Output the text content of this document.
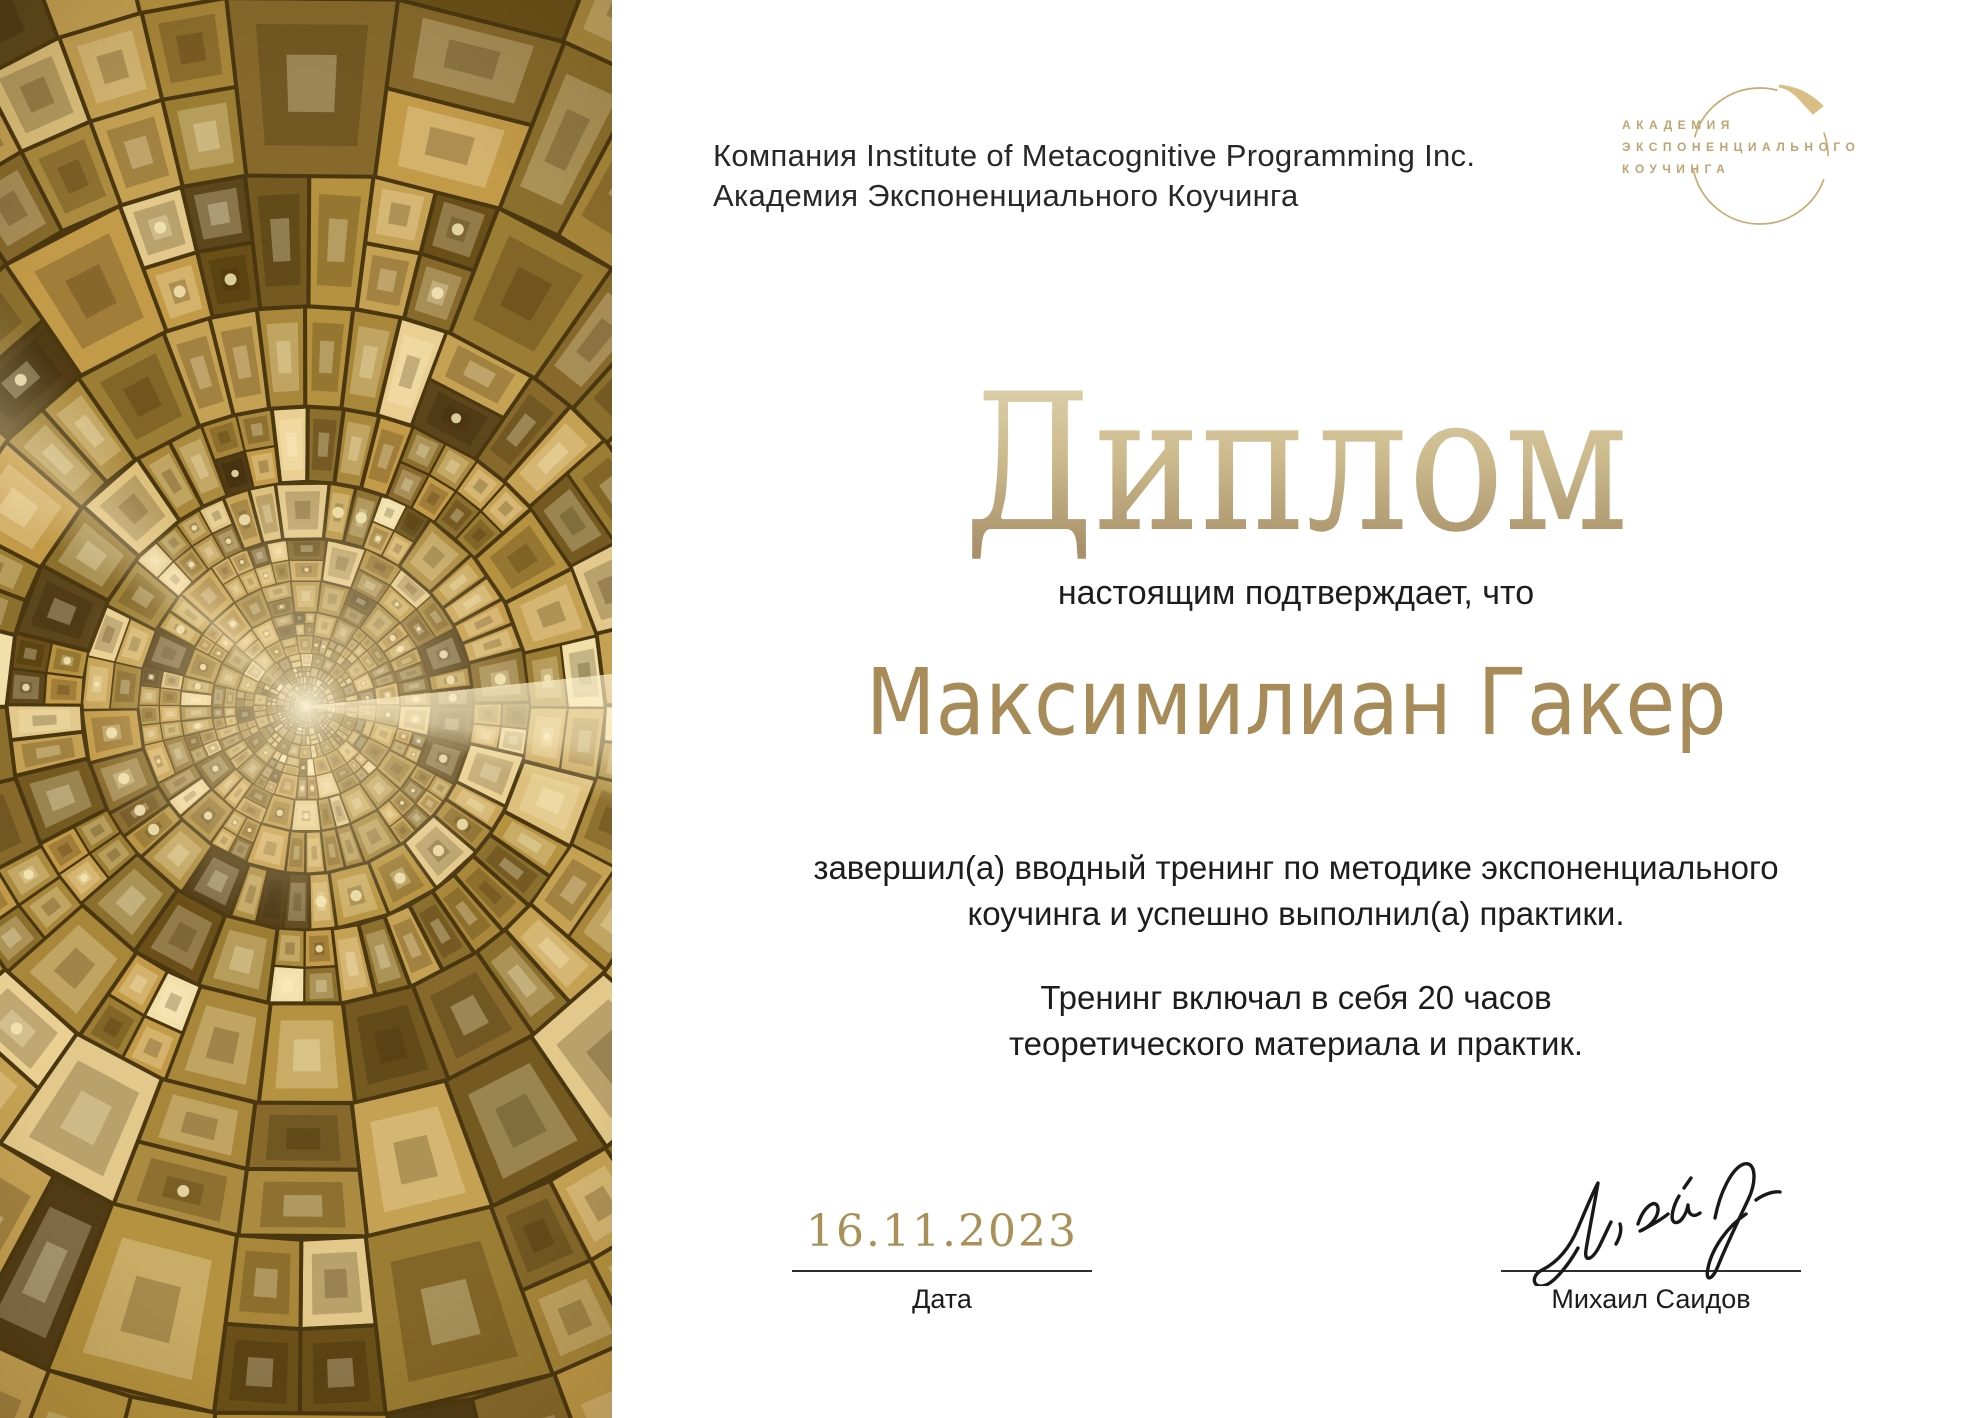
Компания Institute of Metacognitive Programming Inc.
Академия Экспоненциального Коучинга
АКАДЕМИЯ
ЭКСПОНЕНЦИАЛЬНОГО
КОУЧИНГА
Диплом
настоящим подтверждает, что
Максимилиан Гакер
завершил(а) вводный тренинг по методике экспоненциального
коучинга и успешно выполнил(а) практики.
Тренинг включал в себя 20 часов
теоретического материала и практик.
16.11.2023
Дата	Михаил Саидов
